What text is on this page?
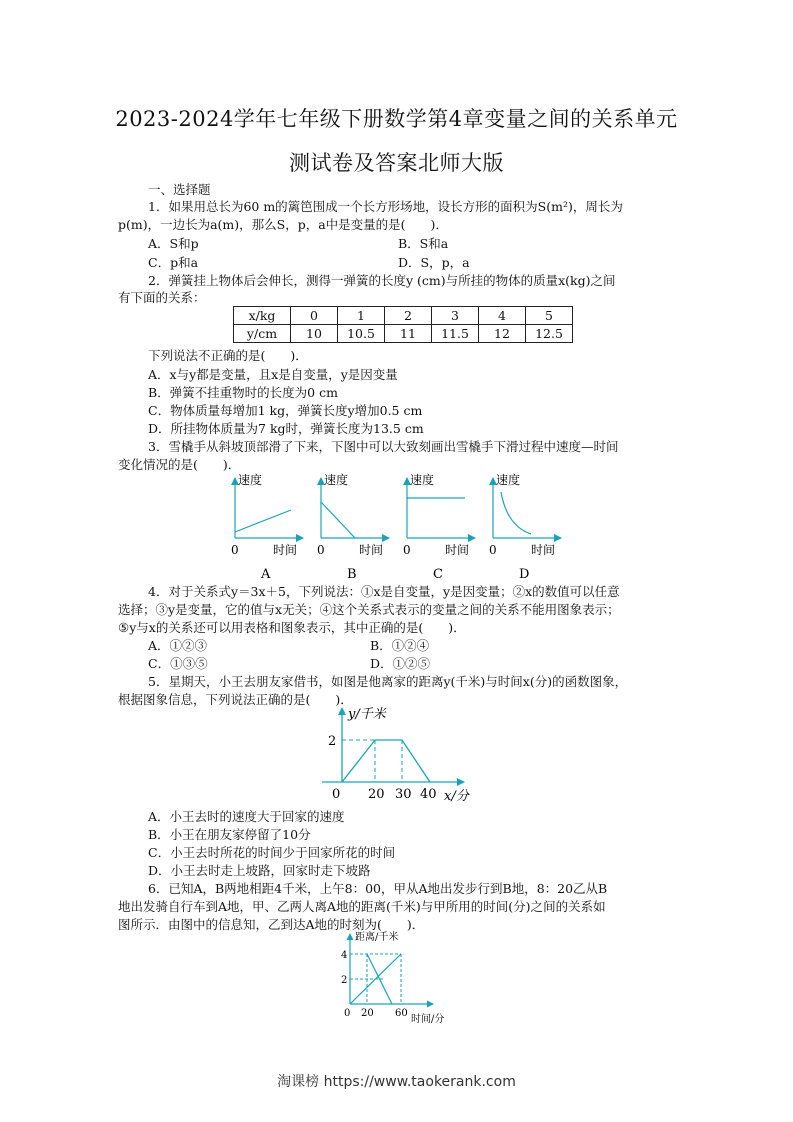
2023-2024学年七年级下册数学第4章变量之间的关系单元
测试卷及答案北师大版
一、选择题
1．如果用总长为60 m的篱笆围成一个长方形场地，设长方形的面积为S(m²)，周长为
p(m)，一边长为a(m)，那么S，p，a中是变量的是(　　)．
A．S和p	B．S和a
C．p和a	D．S，p，a
2．弹簧挂上物体后会伸长，测得一弹簧的长度y (cm)与所挂的物体的质量x(kg)之间
有下面的关系：
x/kg	0	1	2	3	4	5
y/cm	10	10.5	11	11.5	12	12.5
下列说法不正确的是(　　)．
A．x与y都是变量，且x是自变量，y是因变量
B．弹簧不挂重物时的长度为0 cm
C．物体质量每增加1 kg，弹簧长度y增加0.5 cm
D．所挂物体质量为7 kg时，弹簧长度为13.5 cm
3．雪橇手从斜坡顶部滑了下来，下图中可以大致刻画出雪橇手下滑过程中速度—时间
变化情况的是(　　)．
速度
0	时间
A
速度
0	时间
B
速度
0	时间
C
速度
0	时间
D
4．对于关系式y＝3x＋5，下列说法：①x是自变量，y是因变量；②x的数值可以任意
选择；③y是变量，它的值与x无关；④这个关系式表示的变量之间的关系不能用图象表示；
⑤y与x的关系还可以用表格和图象表示，其中正确的是(　　)．
A．①②③	B．①②④
C．①③⑤	D．①②⑤
5．星期天，小王去朋友家借书，如图是他离家的距离y(千米)与时间x(分)的函数图象，
根据图象信息，下列说法正确的是(　　)．
y/千米
2
0 20 30 40 x/分
A．小王去时的速度大于回家的速度
B．小王在朋友家停留了10分
C．小王去时所花的时间少于回家所花的时间
D．小王去时走上坡路，回家时走下坡路
6．已知A，B两地相距4千米，上午8：00，甲从A地出发步行到B地，8：20乙从B
地出发骑自行车到A地，甲、乙两人离A地的距离(千米)与甲所用的时间(分)之间的关系如
图所示．由图中的信息知，乙到达A地的时刻为(　　)．
距离/千米
4
2
0 20 60
时间/分
淘课榜 https://www.taokerank.com
